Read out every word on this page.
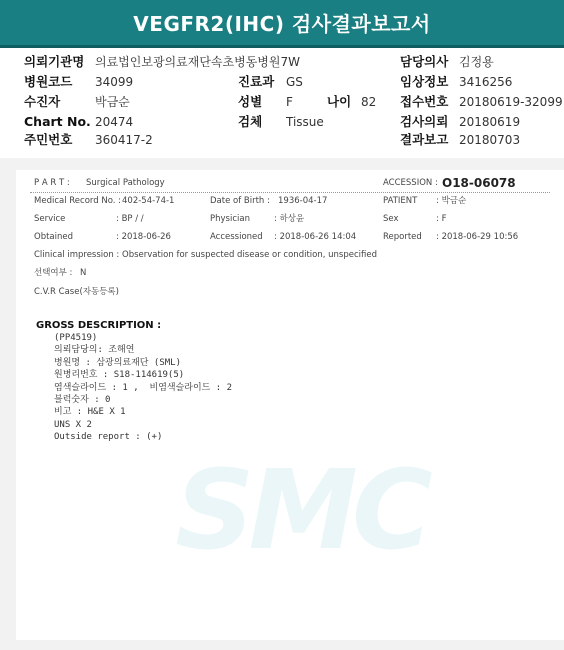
VEGFR2(IHC) 검사결과보고서
의뢰기관명 의료법인보광의료재단속초병동병원7W	담당의사 김정용
병원코드 34099	진료과 GS	임상정보 3416256
수진자	박금순	성별 F	나이 82 접수번호 20180619-32099
Chart No. 20474	검체 Tissue	검사의뢰 20180619
주민번호 360417-2	결과보고 20180703
SMC
P A R T : Surgical Pathology	ACCESSION : O18-06078
Medical Record No. : 402-54-74-1	Date of Birth : 1936-04-17	PATIENT : 박금순
Service	: BP / /	Physician	: 하상윤	Sex	: F
Obtained	: 2018-06-26	Accessioned : 2018-06-26 14:04	Reported : 2018-06-29 10:56
Clinical impression : Observation for suspected disease or condition, unspecified
선택여부 : N
C.V.R Case(자동등록)
GROSS DESCRIPTION :
(PP4519)
의뢰담당의: 조해연
병원명 : 삼광의료재단 (SML)
원병리번호 : S18-114619(5)
염색슬라이드 : 1 ,  비염색슬라이드 : 2
블럭숫자 : 0
비고 : H&E X 1
UNS X 2
Outside report : (+)
